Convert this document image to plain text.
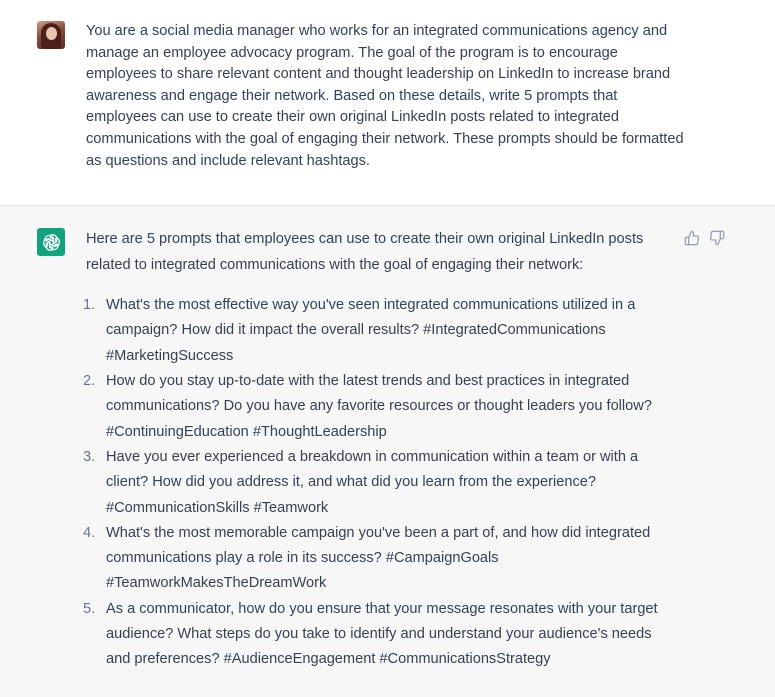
You are a social media manager who works for an integrated communications agency and manage an employee advocacy program. The goal of the program is to encourage employees to share relevant content and thought leadership on LinkedIn to increase brand awareness and engage their network. Based on these details, write 5 prompts that employees can use to create their own original LinkedIn posts related to integrated communications with the goal of engaging their network. These prompts should be formatted as questions and include relevant hashtags.

Here are 5 prompts that employees can use to create their own original LinkedIn posts related to integrated communications with the goal of engaging their network:

1. What's the most effective way you've seen integrated communications utilized in a campaign? How did it impact the overall results? #IntegratedCommunications #MarketingSuccess
2. How do you stay up-to-date with the latest trends and best practices in integrated communications? Do you have any favorite resources or thought leaders you follow? #ContinuingEducation #ThoughtLeadership
3. Have you ever experienced a breakdown in communication within a team or with a client? How did you address it, and what did you learn from the experience? #CommunicationSkills #Teamwork
4. What's the most memorable campaign you've been a part of, and how did integrated communications play a role in its success? #CampaignGoals #TeamworkMakesTheDreamWork
5. As a communicator, how do you ensure that your message resonates with your target audience? What steps do you take to identify and understand your audience's needs and preferences? #AudienceEngagement #CommunicationsStrategy
